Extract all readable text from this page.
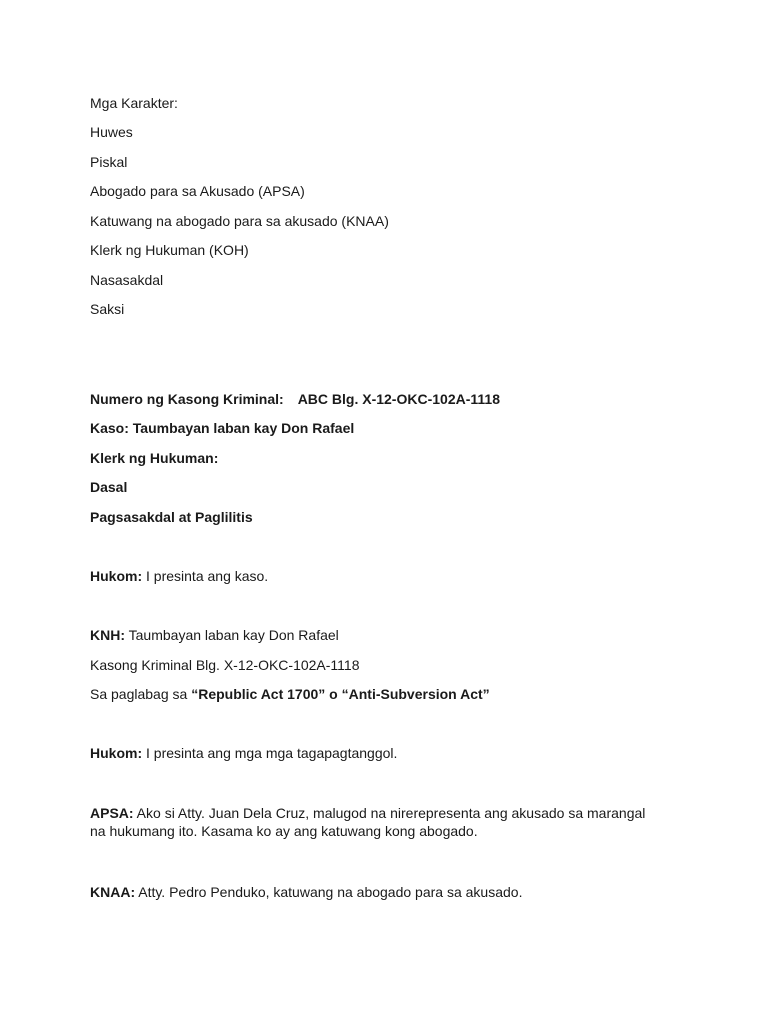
Mga Karakter:
Huwes
Piskal
Abogado para sa Akusado (APSA)
Katuwang na abogado para sa akusado (KNAA)
Klerk ng Hukuman (KOH)
Nasasakdal
Saksi
Numero ng Kasong Kriminal: ABC Blg. X-12-OKC-102A-1118
Kaso: Taumbayan laban kay Don Rafael
Klerk ng Hukuman:
Dasal
Pagsasakdal at Paglilitis
Hukom: I presinta ang kaso.
KNH: Taumbayan laban kay Don Rafael
Kasong Kriminal Blg. X-12-OKC-102A-1118
Sa paglabag sa “Republic Act 1700” o “Anti-Subversion Act”
Hukom: I presinta ang mga mga tagapagtanggol.
APSA: Ako si Atty. Juan Dela Cruz, malugod na nirerepresenta ang akusado sa marangal na hukumang ito. Kasama ko ay ang katuwang kong abogado.
KNAA: Atty. Pedro Penduko, katuwang na abogado para sa akusado.
